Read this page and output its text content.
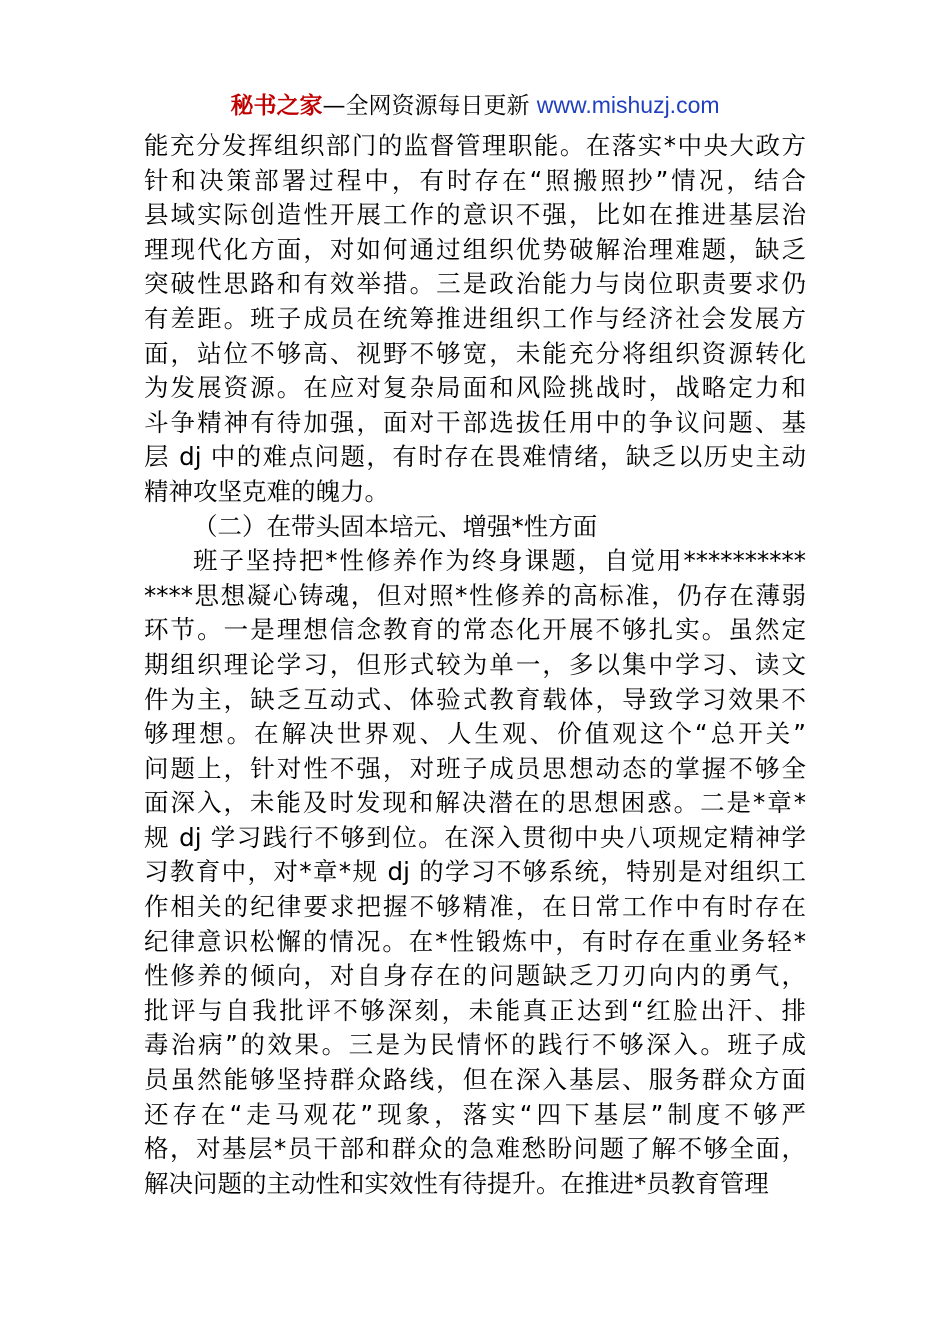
秘书之家—全网资源每日更新 www.mishuzj.com
能充分发挥组织部门的监督管理职能。在落实*中央大政方
针和决策部署过程中，有时存在“照搬照抄”情况，结合
县域实际创造性开展工作的意识不强，比如在推进基层治
理现代化方面，对如何通过组织优势破解治理难题，缺乏
突破性思路和有效举措。三是政治能力与岗位职责要求仍
有差距。班子成员在统筹推进组织工作与经济社会发展方
面，站位不够高、视野不够宽，未能充分将组织资源转化
为发展资源。在应对复杂局面和风险挑战时，战略定力和
斗争精神有待加强，面对干部选拔任用中的争议问题、基
层 dj 中的难点问题，有时存在畏难情绪，缺乏以历史主动
精神攻坚克难的魄力。
（二）在带头固本培元、增强*性方面
班子坚持把*性修养作为终身课题，自觉用**********
****思想凝心铸魂，但对照*性修养的高标准，仍存在薄弱
环节。一是理想信念教育的常态化开展不够扎实。虽然定
期组织理论学习，但形式较为单一，多以集中学习、读文
件为主，缺乏互动式、体验式教育载体，导致学习效果不
够理想。在解决世界观、人生观、价值观这个“总开关”
问题上，针对性不强，对班子成员思想动态的掌握不够全
面深入，未能及时发现和解决潜在的思想困惑。二是*章*
规 dj 学习践行不够到位。在深入贯彻中央八项规定精神学
习教育中，对*章*规 dj 的学习不够系统，特别是对组织工
作相关的纪律要求把握不够精准，在日常工作中有时存在
纪律意识松懈的情况。在*性锻炼中，有时存在重业务轻*
性修养的倾向，对自身存在的问题缺乏刀刃向内的勇气，
批评与自我批评不够深刻，未能真正达到“红脸出汗、排
毒治病”的效果。三是为民情怀的践行不够深入。班子成
员虽然能够坚持群众路线，但在深入基层、服务群众方面
还存在“走马观花”现象，落实“四下基层”制度不够严
格，对基层*员干部和群众的急难愁盼问题了解不够全面，
解决问题的主动性和实效性有待提升。在推进*员教育管理
